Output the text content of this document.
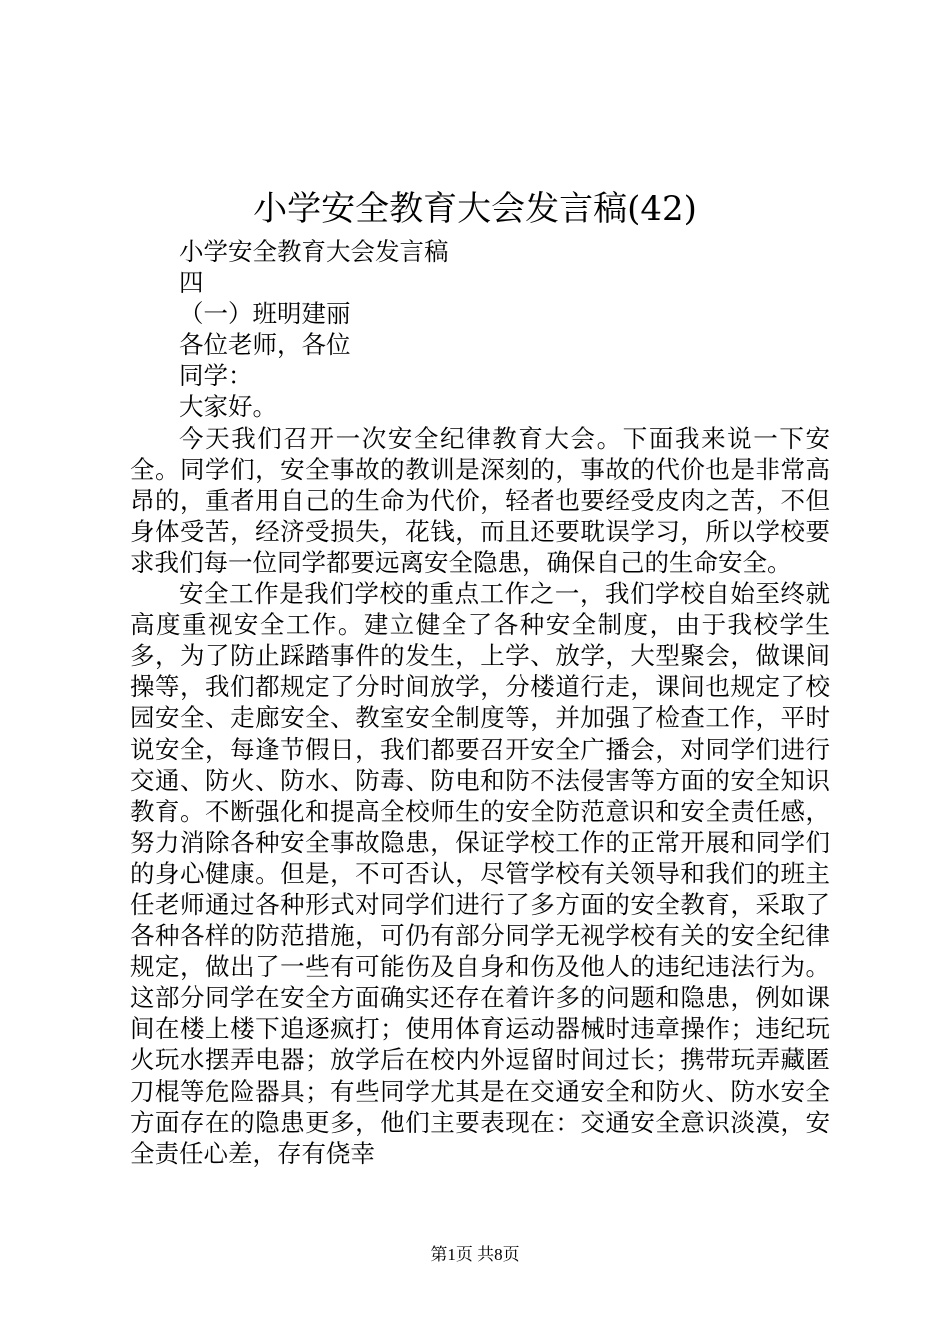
小学安全教育大会发言稿(42)

小学安全教育大会发言稿

四

（一）班明建丽

各位老师，各位

同学：

大家好。

今天我们召开一次安全纪律教育大会。下面我来说一下安全。同学们，安全事故的教训是深刻的，事故的代价也是非常高昂的，重者用自己的生命为代价，轻者也要经受皮肉之苦，不但身体受苦，经济受损失，花钱，而且还要耽误学习，所以学校要求我们每一位同学都要远离安全隐患，确保自己的生命安全。

安全工作是我们学校的重点工作之一，我们学校自始至终就高度重视安全工作。建立健全了各种安全制度，由于我校学生多，为了防止踩踏事件的发生，上学、放学，大型聚会，做课间操等，我们都规定了分时间放学，分楼道行走，课间也规定了校园安全、走廊安全、教室安全制度等，并加强了检查工作，平时说安全，每逢节假日，我们都要召开安全广播会，对同学们进行交通、防火、防水、防毒、防电和防不法侵害等方面的安全知识教育。不断强化和提高全校师生的安全防范意识和安全责任感，努力消除各种安全事故隐患，保证学校工作的正常开展和同学们的身心健康。但是，不可否认，尽管学校有关领导和我们的班主任老师通过各种形式对同学们进行了多方面的安全教育，采取了各种各样的防范措施，可仍有部分同学无视学校有关的安全纪律规定，做出了一些有可能伤及自身和伤及他人的违纪违法行为。这部分同学在安全方面确实还存在着许多的问题和隐患，例如课间在楼上楼下追逐疯打；使用体育运动器械时违章操作；违纪玩火玩水摆弄电器；放学后在校内外逗留时间过长；携带玩弄藏匿刀棍等危险器具；有些同学尤其是在交通安全和防火、防水安全方面存在的隐患更多，他们主要表现在：交通安全意识淡漠，安全责任心差，存有侥幸

第1页 共8页
